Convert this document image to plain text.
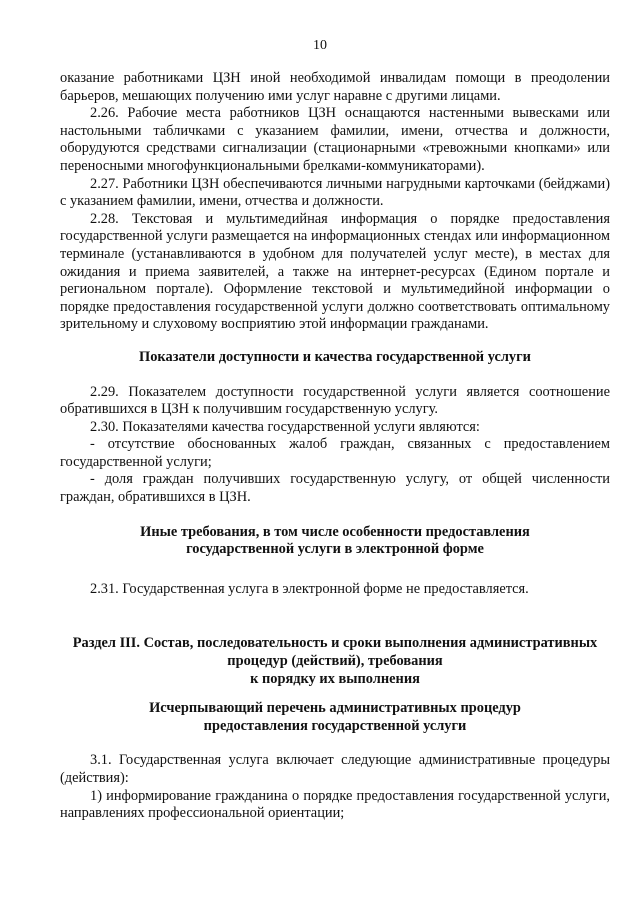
10

оказание работниками ЦЗН иной необходимой инвалидам помощи в преодолении барьеров, мешающих получению ими услуг наравне с другими лицами.

2.26. Рабочие места работников ЦЗН оснащаются настенными вывесками или настольными табличками с указанием фамилии, имени, отчества и должности, оборудуются средствами сигнализации (стационарными «тревожными кнопками» или переносными многофункциональными брелками-коммуникаторами).

2.27. Работники ЦЗН обеспечиваются личными нагрудными карточками (бейджами) с указанием фамилии, имени, отчества и должности.

2.28. Текстовая и мультимедийная информация о порядке предоставления государственной услуги размещается на информационных стендах или информационном терминале (устанавливаются в удобном для получателей услуг месте), в местах для ожидания и приема заявителей, а также на интернет-ресурсах (Едином портале и региональном портале). Оформление текстовой и мультимедийной информации о порядке предоставления государственной услуги должно соответствовать оптимальному зрительному и слуховому восприятию этой информации гражданами.

Показатели доступности и качества государственной услуги

2.29. Показателем доступности государственной услуги является соотношение обратившихся в ЦЗН к получившим государственную услугу.

2.30. Показателями качества государственной услуги являются:

- отсутствие обоснованных жалоб граждан, связанных с предоставлением государственной услуги;

- доля граждан получивших государственную услугу, от общей численности граждан, обратившихся в ЦЗН.

Иные требования, в том числе особенности предоставления

государственной услуги в электронной форме

2.31. Государственная услуга в электронной форме не предоставляется.

Раздел III. Состав, последовательность и сроки выполнения административных

процедур (действий), требования

к порядку их выполнения

Исчерпывающий перечень административных процедур

предоставления государственной услуги

3.1. Государственная услуга включает следующие административные процедуры (действия):

1) информирование гражданина о порядке предоставления государственной услуги, направлениях профессиональной ориентации;
